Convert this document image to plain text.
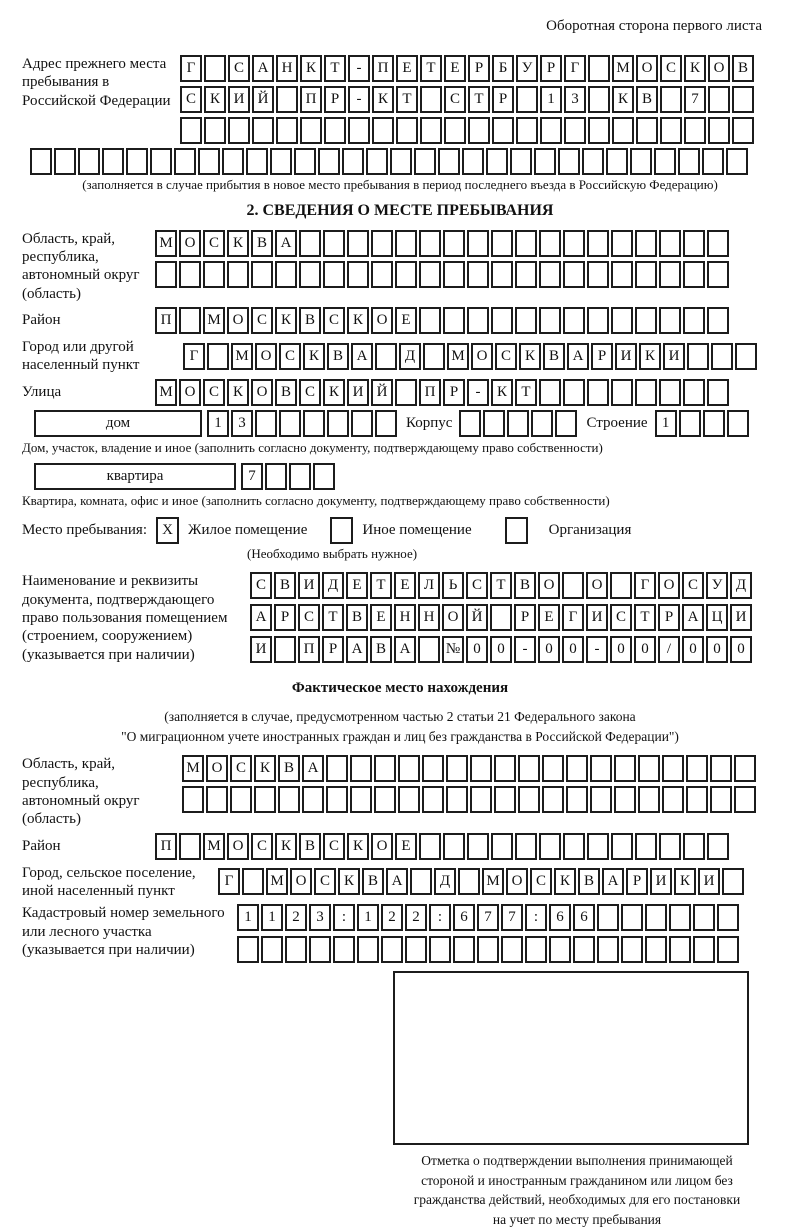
Оборотная сторона первого листа
Адрес прежнего места пребывания в Российской Федерации
Г	С А Н К Т	-	П Е Т Е	Р	Б У Р	Г	М О С К О В
С К И Й	П Р	-	К Т	С Т	Р	1	3	К В	7
(заполняется в случае прибытия в новое место пребывания в период последнего въезда в Российскую Федерацию)
2. СВЕДЕНИЯ О МЕСТЕ ПРЕБЫВАНИЯ
Область, край, республика, автономный округ (область)
М О С К В А
Район	П	М О С К В С К О Е
Город или другой населенный пункт
Г	М О С К В А	Д	М О С К В А Р И К И
Улица	М О С К О В С К И Й	П Р	-	К Т
дом	1	3	Корпус	Строение 1
Дом, участок, владение и иное (заполнить согласно документу, подтверждающему право собственности)
квартира	7
Квартира, комната, офис и иное (заполнить согласно документу, подтверждающему право собственности)
Место пребывания:	X	Жилое помещение	Иное помещение	Организация
(Необходимо выбрать нужное)
Наименование и реквизиты документа, подтверждающего право пользования помещением (строением, сооружением) (указывается при наличии)
С В И Д Е Т Е Л Ь С Т В О	О	Г О С У Д
А Р С Т В Е Н Н О Й	Р	Е	Г И С Т	Р А Ц И
И	П Р А В А	№ 0	0	-	0	0	-	0	0	/	0	0	0
Фактическое место нахождения
(заполняется в случае, предусмотренном частью 2 статьи 21 Федерального закона
"О миграционном учете иностранных граждан и лиц без гражданства в Российской Федерации")
Область, край, республика, автономный округ (область)
М О С К В А
Район	П	М О С К В С К О Е
Город, сельское поселение, иной населенный пункт
Г	М О С К В А	Д	М О С К В А Р И К И
Кадастровый номер земельного или лесного участка (указывается при наличии)
1	1	2	3	:	1	2	2	:	6	7	7	:	6	6
Отметка о подтверждении выполнения принимающей
стороной и иностранным гражданином или лицом без
гражданства действий, необходимых для его постановки
на учет по месту пребывания
